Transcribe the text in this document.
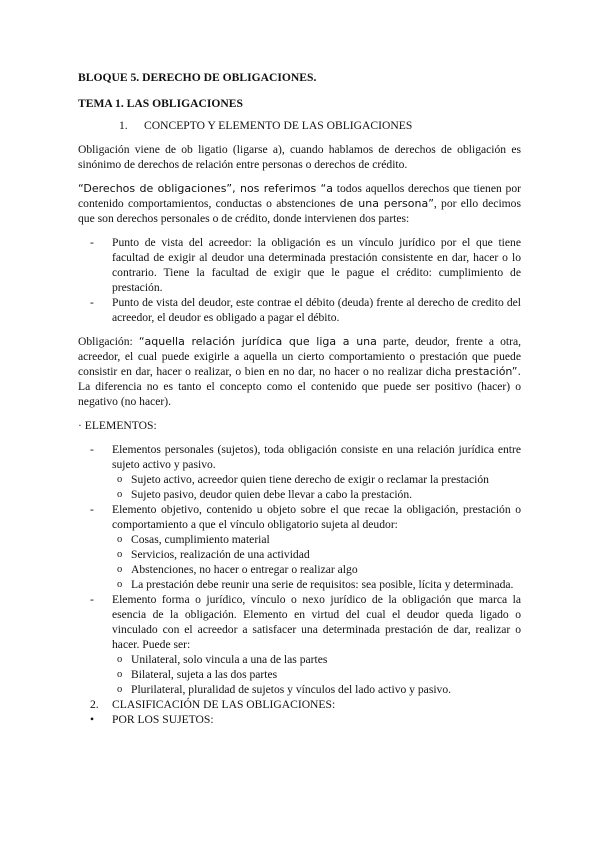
BLOQUE 5. DERECHO DE OBLIGACIONES.
TEMA 1. LAS OBLIGACIONES
1.	CONCEPTO Y ELEMENTO DE LAS OBLIGACIONES

Obligación viene de ob ligatio (ligarse a), cuando hablamos de derechos de obligación es sinónimo de derechos de relación entre personas o derechos de crédito.

“Derechos de obligaciones”, nos referimos “a todos aquellos derechos que tienen por contenido comportamientos, conductas o abstenciones de una persona”, por ello decimos que son derechos personales o de crédito, donde intervienen dos partes:

-	Punto de vista del acreedor: la obligación es un vínculo jurídico por el que tiene facultad de exigir al deudor una determinada prestación consistente en dar, hacer o lo contrario. Tiene la facultad de exigir que le pague el crédito: cumplimiento de prestación.
-	Punto de vista del deudor, este contrae el débito (deuda) frente al derecho de credito del acreedor, el deudor es obligado a pagar el débito.

Obligación: “aquella relación jurídica que liga a una parte, deudor, frente a otra, acreedor, el cual puede exigirle a aquella un cierto comportamiento o prestación que puede consistir en dar, hacer o realizar, o bien en no dar, no hacer o no realizar dicha prestación”. La diferencia no es tanto el concepto como el contenido que puede ser positivo (hacer) o negativo (no hacer).

· ELEMENTOS:

-	Elementos personales (sujetos), toda obligación consiste en una relación jurídica entre sujeto activo y pasivo.
o Sujeto activo, acreedor quien tiene derecho de exigir o reclamar la prestación
o Sujeto pasivo, deudor quien debe llevar a cabo la prestación.
-	Elemento objetivo, contenido u objeto sobre el que recae la obligación, prestación o comportamiento a que el vínculo obligatorio sujeta al deudor:
o Cosas, cumplimiento material
o Servicios, realización de una actividad
o Abstenciones, no hacer o entregar o realizar algo
o La prestación debe reunir una serie de requisitos: sea posible, lícita y determinada.
-	Elemento forma o jurídico, vínculo o nexo jurídico de la obligación que marca la esencia de la obligación. Elemento en virtud del cual el deudor queda ligado o vinculado con el acreedor a satisfacer una determinada prestación de dar, realizar o hacer. Puede ser:
o Unilateral, solo vincula a una de las partes
o Bilateral, sujeta a las dos partes
o Plurilateral, pluralidad de sujetos y vínculos del lado activo y pasivo.
2.	CLASIFICACIÓN DE LAS OBLIGACIONES:
•	POR LOS SUJETOS:
